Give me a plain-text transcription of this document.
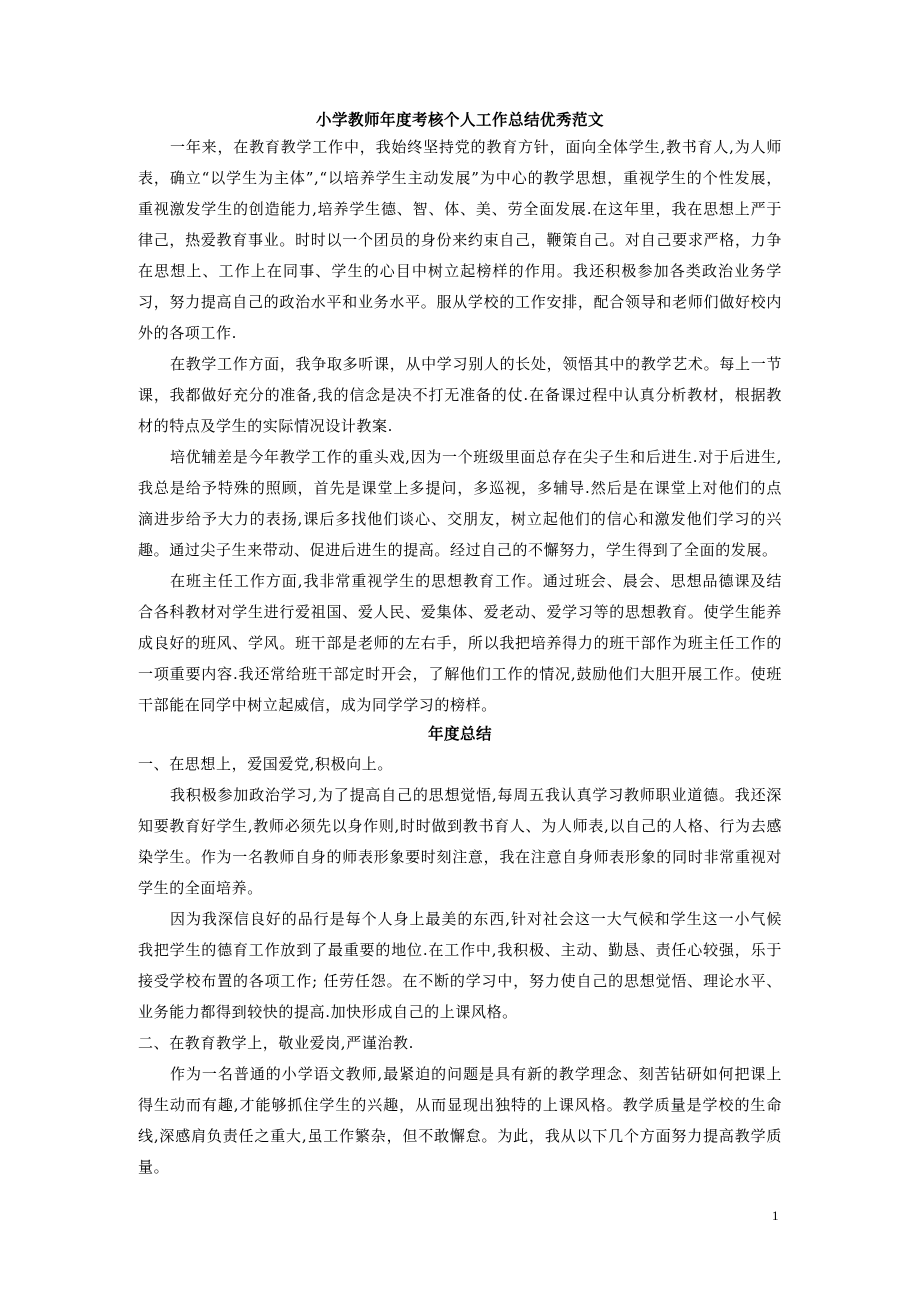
小学教师年度考核个人工作总结优秀范文

一年来，在教育教学工作中，我始终坚持党的教育方针，面向全体学生,教书育人,为人师表，确立“以学生为主体”,“以培养学生主动发展”为中心的教学思想，重视学生的个性发展，重视激发学生的创造能力,培养学生德、智、体、美、劳全面发展.在这年里，我在思想上严于律己，热爱教育事业。时时以一个团员的身份来约束自己，鞭策自己。对自己要求严格，力争在思想上、工作上在同事、学生的心目中树立起榜样的作用。我还积极参加各类政治业务学习，努力提高自己的政治水平和业务水平。服从学校的工作安排，配合领导和老师们做好校内外的各项工作.

在教学工作方面，我争取多听课，从中学习别人的长处，领悟其中的教学艺术。每上一节课，我都做好充分的准备,我的信念是决不打无准备的仗.在备课过程中认真分析教材，根据教材的特点及学生的实际情况设计教案.

培优辅差是今年教学工作的重头戏,因为一个班级里面总存在尖子生和后进生.对于后进生,我总是给予特殊的照顾，首先是课堂上多提问，多巡视，多辅导.然后是在课堂上对他们的点滴进步给予大力的表扬,课后多找他们谈心、交朋友，树立起他们的信心和激发他们学习的兴趣。通过尖子生来带动、促进后进生的提高。经过自己的不懈努力，学生得到了全面的发展。

在班主任工作方面,我非常重视学生的思想教育工作。通过班会、晨会、思想品德课及结合各科教材对学生进行爱祖国、爱人民、爱集体、爱老动、爱学习等的思想教育。使学生能养成良好的班风、学风。班干部是老师的左右手，所以我把培养得力的班干部作为班主任工作的一项重要内容.我还常给班干部定时开会，了解他们工作的情况,鼓励他们大胆开展工作。使班干部能在同学中树立起威信，成为同学学习的榜样。

年度总结

一、在思想上，爱国爱党,积极向上。

我积极参加政治学习,为了提高自己的思想觉悟,每周五我认真学习教师职业道德。我还深知要教育好学生,教师必须先以身作则,时时做到教书育人、为人师表,以自己的人格、行为去感染学生。作为一名教师自身的师表形象要时刻注意，我在注意自身师表形象的同时非常重视对学生的全面培养。

因为我深信良好的品行是每个人身上最美的东西,针对社会这一大气候和学生这一小气候我把学生的德育工作放到了最重要的地位.在工作中,我积极、主动、勤恳、责任心较强，乐于接受学校布置的各项工作; 任劳任怨。在不断的学习中，努力使自己的思想觉悟、理论水平、业务能力都得到较快的提高.加快形成自己的上课风格。

二、在教育教学上，敬业爱岗,严谨治教.

作为一名普通的小学语文教师,最紧迫的问题是具有新的教学理念、刻苦钻研如何把课上得生动而有趣,才能够抓住学生的兴趣，从而显现出独特的上课风格。教学质量是学校的生命线,深感肩负责任之重大,虽工作繁杂，但不敢懈怠。为此，我从以下几个方面努力提高教学质量。

1
